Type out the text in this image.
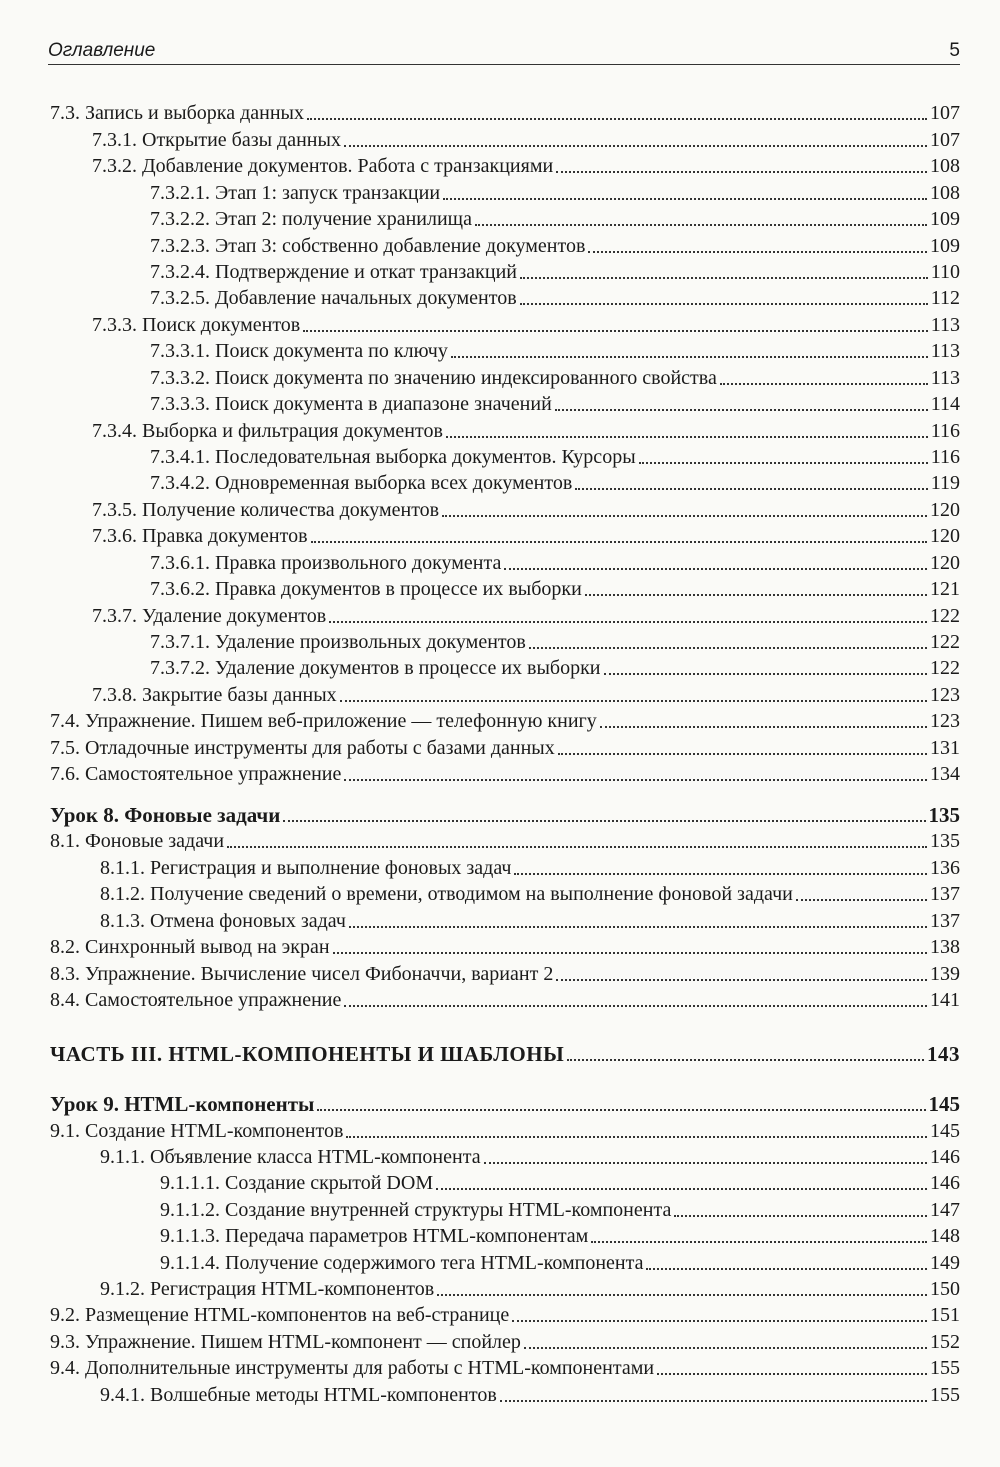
Оглавление	5
7.3. Запись и выборка данных	107
7.3.1. Открытие базы данных	107
7.3.2. Добавление документов. Работа с транзакциями	108
7.3.2.1. Этап 1: запуск транзакции	108
7.3.2.2. Этап 2: получение хранилища	109
7.3.2.3. Этап 3: собственно добавление документов	109
7.3.2.4. Подтверждение и откат транзакций	110
7.3.2.5. Добавление начальных документов	112
7.3.3. Поиск документов	113
7.3.3.1. Поиск документа по ключу	113
7.3.3.2. Поиск документа по значению индексированного свойства	113
7.3.3.3. Поиск документа в диапазоне значений	114
7.3.4. Выборка и фильтрация документов	116
7.3.4.1. Последовательная выборка документов. Курсоры	116
7.3.4.2. Одновременная выборка всех документов	119
7.3.5. Получение количества документов	120
7.3.6. Правка документов	120
7.3.6.1. Правка произвольного документа	120
7.3.6.2. Правка документов в процессе их выборки	121
7.3.7. Удаление документов	122
7.3.7.1. Удаление произвольных документов	122
7.3.7.2. Удаление документов в процессе их выборки	122
7.3.8. Закрытие базы данных	123
7.4. Упражнение. Пишем веб-приложение — телефонную книгу	123
7.5. Отладочные инструменты для работы с базами данных	131
7.6. Самостоятельное упражнение	134
Урок 8. Фоновые задачи	135
8.1. Фоновые задачи	135
8.1.1. Регистрация и выполнение фоновых задач	136
8.1.2. Получение сведений о времени, отводимом на выполнение фоновой задачи	137
8.1.3. Отмена фоновых задач	137
8.2. Синхронный вывод на экран	138
8.3. Упражнение. Вычисление чисел Фибоначчи, вариант 2	139
8.4. Самостоятельное упражнение	141
ЧАСТЬ III. HTML-КОМПОНЕНТЫ И ШАБЛОНЫ	143
Урок 9. HTML-компоненты	145
9.1. Создание HTML-компонентов	145
9.1.1. Объявление класса HTML-компонента	146
9.1.1.1. Создание скрытой DOM	146
9.1.1.2. Создание внутренней структуры HTML-компонента	147
9.1.1.3. Передача параметров HTML-компонентам	148
9.1.1.4. Получение содержимого тега HTML-компонента	149
9.1.2. Регистрация HTML-компонентов	150
9.2. Размещение HTML-компонентов на веб-странице	151
9.3. Упражнение. Пишем HTML-компонент — спойлер	152
9.4. Дополнительные инструменты для работы с HTML-компонентами	155
9.4.1. Волшебные методы HTML-компонентов	155
